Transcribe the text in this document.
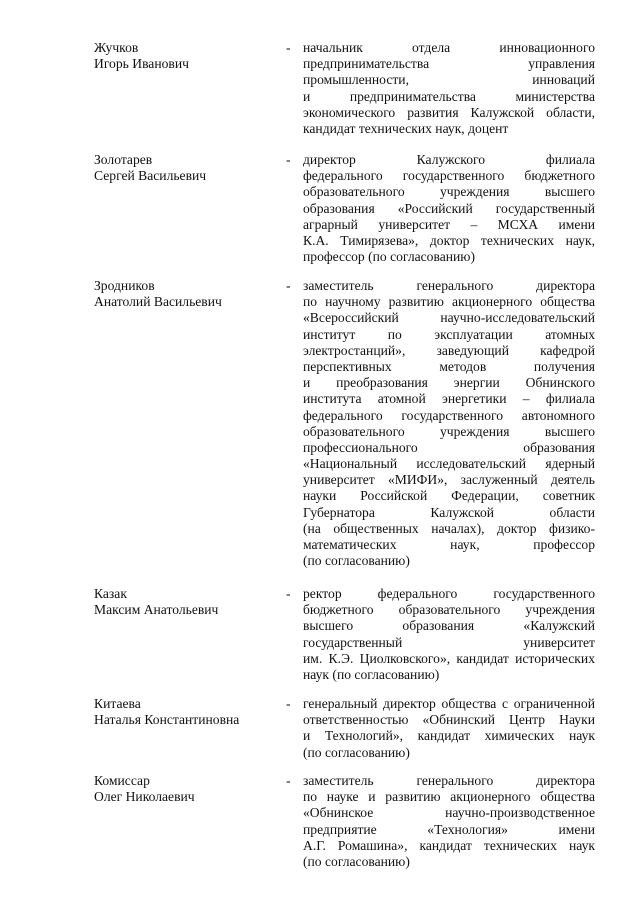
Жучков
Игорь Иванович
- начальник отдела инновационного
предпринимательства управления
промышленности, инноваций
и предпринимательства министерства
экономического развития Калужской области,
кандидат технических наук, доцент
Золотарев
Сергей Васильевич
- директор Калужского филиала
федерального государственного бюджетного
образовательного учреждения высшего
образования «Российский государственный
аграрный университет – МСХА имени
К.А. Тимирязева», доктор технических наук,
профессор (по согласованию)
Зродников
Анатолий Васильевич
- заместитель генерального директора
по научному развитию акционерного общества
«Всероссийский научно-исследовательский
институт по эксплуатации атомных
электростанций», заведующий кафедрой
перспективных методов получения
и преобразования энергии Обнинского
института атомной энергетики – филиала
федерального государственного автономного
образовательного учреждения высшего
профессионального образования
«Национальный исследовательский ядерный
университет «МИФИ», заслуженный деятель
науки Российской Федерации, советник
Губернатора Калужской области
(на общественных началах), доктор физико-
математических наук, профессор
(по согласованию)
Казак
Максим Анатольевич
- ректор федерального государственного
бюджетного образовательного учреждения
высшего образования «Калужский
государственный университет
им. К.Э. Циолковского», кандидат исторических
наук (по согласованию)
Китаева
Наталья Константиновна
- генеральный директор общества с ограниченной
ответственностью «Обнинский Центр Науки
и Технологий», кандидат химических наук
(по согласованию)
Комиссар
Олег Николаевич
- заместитель генерального директора
по науке и развитию акционерного общества
«Обнинское научно-производственное
предприятие «Технология» имени
А.Г. Ромашина», кандидат технических наук
(по согласованию)
